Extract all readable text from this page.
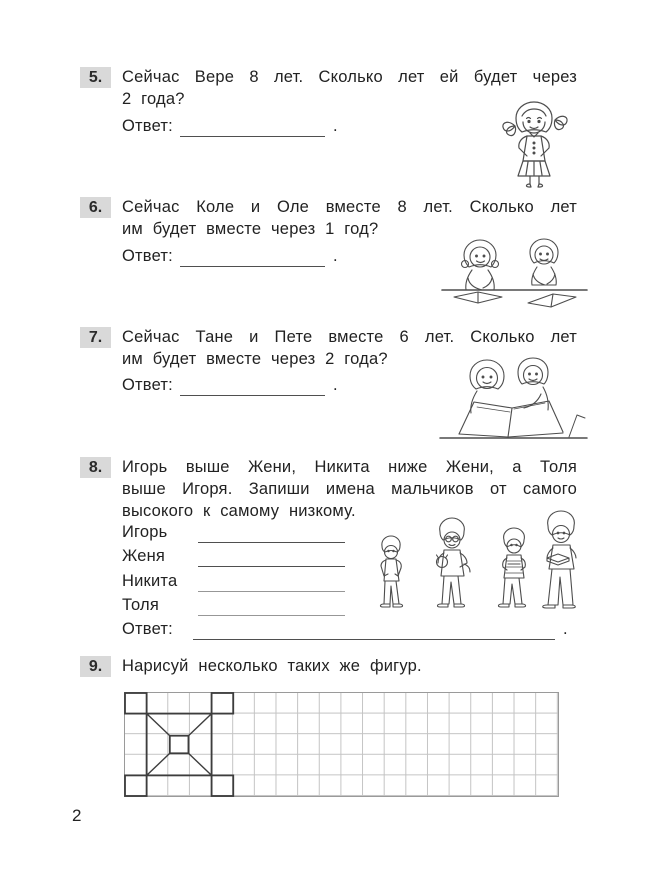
5.	Сейчас Вере 8 лет. Сколько лет ей будет через
2 года?
Ответ:	.
6.	Сейчас Коле и Оле вместе 8 лет. Сколько лет
им будет вместе через 1 год?
Ответ:	.
7.	Сейчас Тане и Пете вместе 6 лет. Сколько лет
им будет вместе через 2 года?
Ответ:	.
8.	Игорь выше Жени, Никита ниже Жени, а Толя
выше Игоря. Запиши имена мальчиков от самого
высокого к самому низкому.
Игорь
Женя
Никита
Толя
Ответ:	.
9.	Нарисуй несколько таких же фигур.
2
